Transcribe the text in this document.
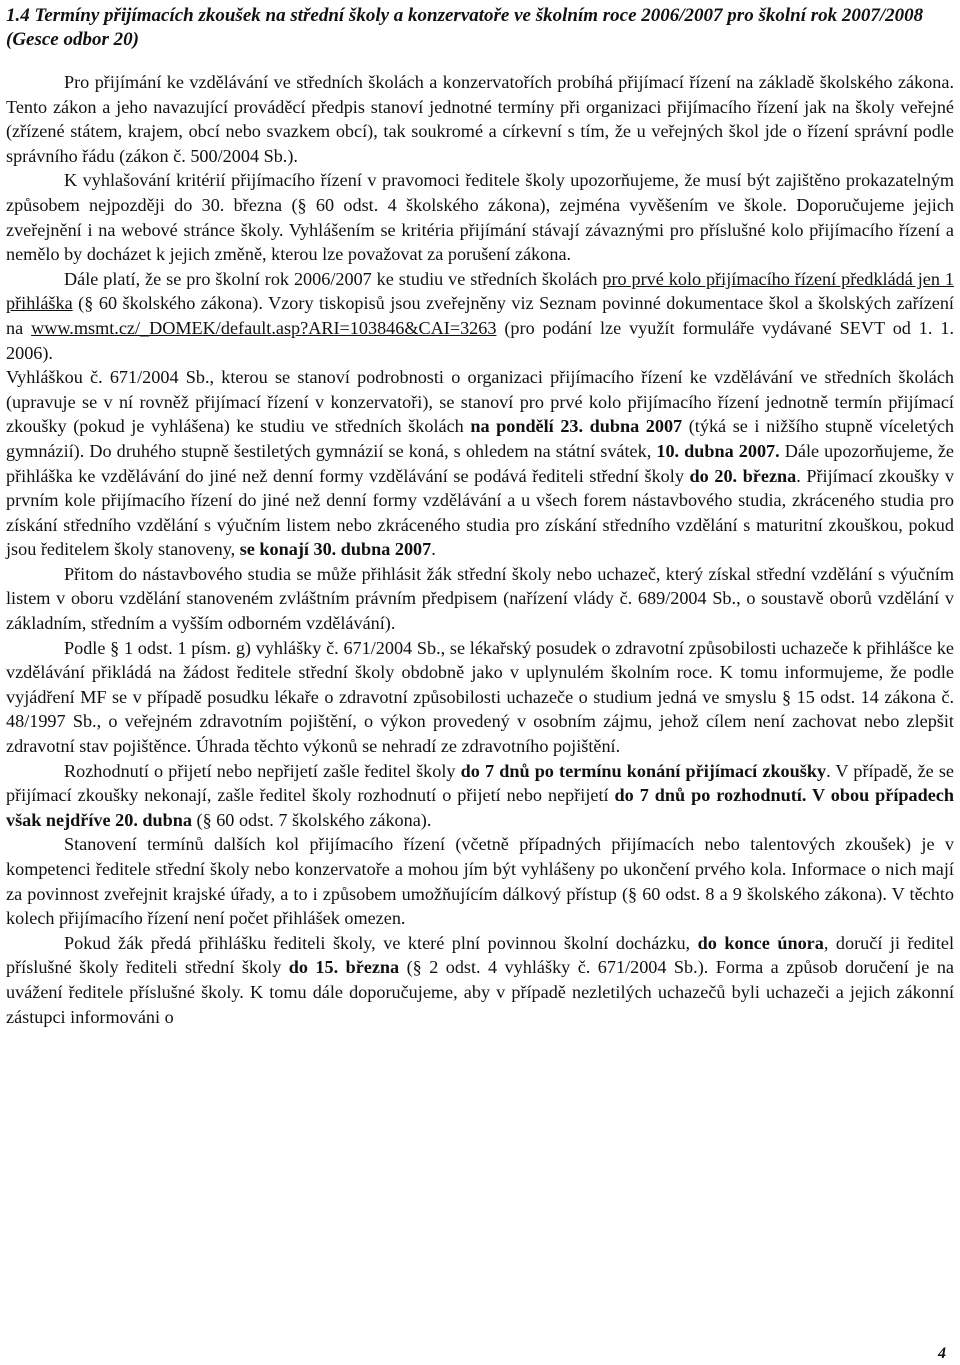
1.4 Termíny přijímacích zkoušek na střední školy a konzervatoře ve školním roce 2006/2007 pro školní rok 2007/2008 (Gesce odbor 20)

Pro přijímání ke vzdělávání ve středních školách a konzervatořích probíhá přijímací řízení na základě školského zákona. Tento zákon a jeho navazující prováděcí předpis stanoví jednotné termíny při organizaci přijímacího řízení jak na školy veřejné (zřízené státem, krajem, obcí nebo svazkem obcí), tak soukromé a církevní s tím, že u veřejných škol jde o řízení správní podle správního řádu (zákon č. 500/2004 Sb.).

K vyhlašování kritérií přijímacího řízení v pravomoci ředitele školy upozorňujeme, že musí být zajištěno prokazatelným způsobem nejpozději do 30. března (§ 60 odst. 4 školského zákona), zejména vyvěšením ve škole. Doporučujeme jejich zveřejnění i na webové stránce školy. Vyhlášením se kritéria přijímání stávají závaznými pro příslušné kolo přijímacího řízení a nemělo by docházet k jejich změně, kterou lze považovat za porušení zákona.

Dále platí, že se pro školní rok 2006/2007 ke studiu ve středních školách pro prvé kolo přijímacího řízení předkládá jen 1 přihláška (§ 60 školského zákona). Vzory tiskopisů jsou zveřejněny viz Seznam povinné dokumentace škol a školských zařízení na www.msmt.cz/_DOMEK/default.asp?ARI=103846&CAI=3263 (pro podání lze využít formuláře vydávané SEVT od 1. 1. 2006).

Vyhláškou č. 671/2004 Sb., kterou se stanoví podrobnosti o organizaci přijímacího řízení ke vzdělávání ve středních školách (upravuje se v ní rovněž přijímací řízení v konzervatoři), se stanoví pro prvé kolo přijímacího řízení jednotně termín přijímací zkoušky (pokud je vyhlášena) ke studiu ve středních školách na pondělí 23. dubna 2007 (týká se i nižšího stupně víceletých gymnázií). Do druhého stupně šestiletých gymnázií se koná, s ohledem na státní svátek, 10. dubna 2007. Dále upozorňujeme, že přihláška ke vzdělávání do jiné než denní formy vzdělávání se podává řediteli střední školy do 20. března. Přijímací zkoušky v prvním kole přijímacího řízení do jiné než denní formy vzdělávání a u všech forem nástavbového studia, zkráceného studia pro získání středního vzdělání s výučním listem nebo zkráceného studia pro získání středního vzdělání s maturitní zkouškou, pokud jsou ředitelem školy stanoveny, se konají 30. dubna 2007.

Přitom do nástavbového studia se může přihlásit žák střední školy nebo uchazeč, který získal střední vzdělání s výučním listem v oboru vzdělání stanoveném zvláštním právním předpisem (nařízení vlády č. 689/2004 Sb., o soustavě oborů vzdělání v základním, středním a vyšším odborném vzdělávání).

Podle § 1 odst. 1 písm. g) vyhlášky č. 671/2004 Sb., se lékařský posudek o zdravotní způsobilosti uchazeče k přihlášce ke vzdělávání přikládá na žádost ředitele střední školy obdobně jako v uplynulém školním roce. K tomu informujeme, že podle vyjádření MF se v případě posudku lékaře o zdravotní způsobilosti uchazeče o studium jedná ve smyslu § 15 odst. 14 zákona č. 48/1997 Sb., o veřejném zdravotním pojištění, o výkon provedený v osobním zájmu, jehož cílem není zachovat nebo zlepšit zdravotní stav pojištěnce. Úhrada těchto výkonů se nehradí ze zdravotního pojištění.

Rozhodnutí o přijetí nebo nepřijetí zašle ředitel školy do 7 dnů po termínu konání přijímací zkoušky. V případě, že se přijímací zkoušky nekonají, zašle ředitel školy rozhodnutí o přijetí nebo nepřijetí do 7 dnů po rozhodnutí. V obou případech však nejdříve 20. dubna (§ 60 odst. 7 školského zákona).

Stanovení termínů dalších kol přijímacího řízení (včetně případných přijímacích nebo talentových zkoušek) je v kompetenci ředitele střední školy nebo konzervatoře a mohou jím být vyhlášeny po ukončení prvého kola. Informace o nich mají za povinnost zveřejnit krajské úřady, a to i způsobem umožňujícím dálkový přístup (§ 60 odst. 8 a 9 školského zákona). V těchto kolech přijímacího řízení není počet přihlášek omezen.

Pokud žák předá přihlášku řediteli školy, ve které plní povinnou školní docházku, do konce února, doručí ji ředitel příslušné školy řediteli střední školy do 15. března (§ 2 odst. 4 vyhlášky č. 671/2004 Sb.). Forma a způsob doručení je na uvážení ředitele příslušné školy. K tomu dále doporučujeme, aby v případě nezletilých uchazečů byli uchazeči a jejich zákonní zástupci informováni o

4
